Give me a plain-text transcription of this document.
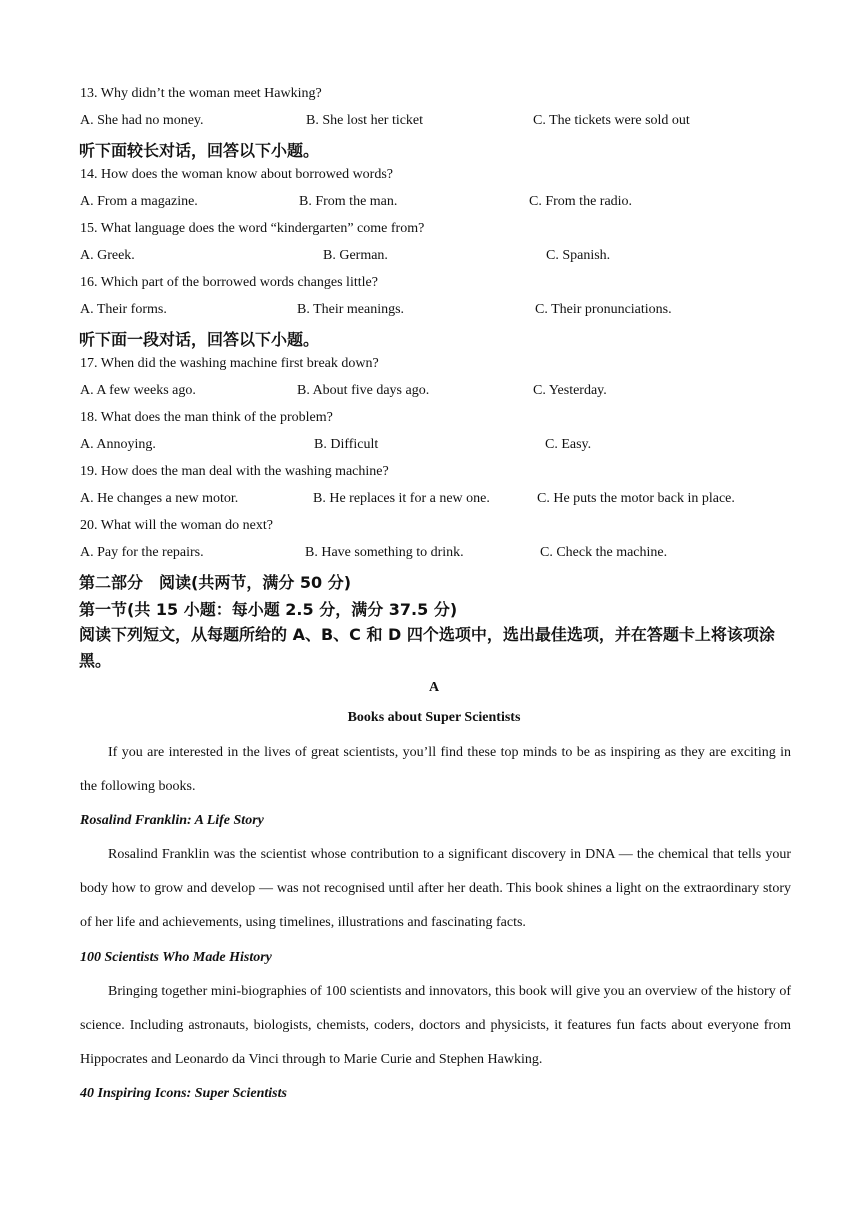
13. Why didn’t the woman meet Hawking?
A. She had no money.	B. She lost her ticket	C. The tickets were sold out
听下面较长对话，回答以下小题。
14. How does the woman know about borrowed words?
A. From a magazine.	B. From the man.	C. From the radio.
15. What language does the word “kindergarten” come from?
A. Greek.	B. German.	C. Spanish.
16. Which part of the borrowed words changes little?
A. Their forms.	B. Their meanings.	C. Their pronunciations.
听下面一段对话，回答以下小题。
17. When did the washing machine first break down?
A. A few weeks ago.	B. About five days ago.	C. Yesterday.
18. What does the man think of the problem?
A. Annoying.	B. Difficult	C. Easy.
19. How does the man deal with the washing machine?
A. He changes a new motor.	B. He replaces it for a new one.	C. He puts the motor back in place.
20. What will the woman do next?
A. Pay for the repairs.	B. Have something to drink.	C. Check the machine.
第二部分　阅读(共两节，满分 50 分)
第一节(共 15 小题：每小题 2.5 分，满分 37.5 分)
阅读下列短文，从每题所给的 A、B、C 和 D 四个选项中，选出最佳选项，并在答题卡上将该项涂黑。
A
Books about Super Scientists
If you are interested in the lives of great scientists, you’ll find these top minds to be as inspiring as they are exciting in the following books.
Rosalind Franklin: A Life Story
Rosalind Franklin was the scientist whose contribution to a significant discovery in DNA — the chemical that tells your body how to grow and develop — was not recognised until after her death. This book shines a light on the extraordinary story of her life and achievements, using timelines, illustrations and fascinating facts.
100 Scientists Who Made History
Bringing together mini-biographies of 100 scientists and innovators, this book will give you an overview of the history of science. Including astronauts, biologists, chemists, coders, doctors and physicists, it features fun facts about everyone from Hippocrates and Leonardo da Vinci through to Marie Curie and Stephen Hawking.
40 Inspiring Icons: Super Scientists
